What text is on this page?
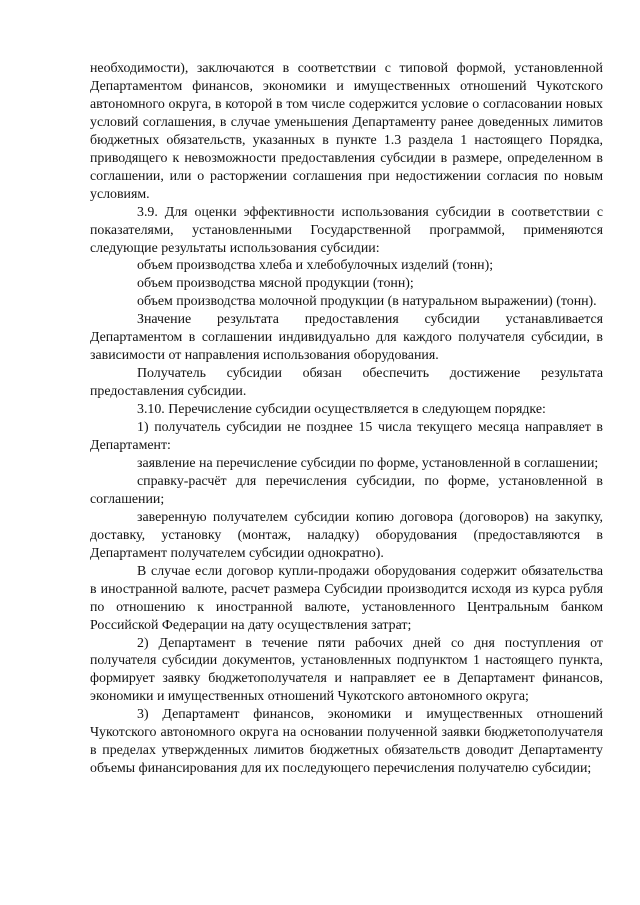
необходимости), заключаются в соответствии с типовой формой, установленной Департаментом финансов, экономики и имущественных отношений Чукотского автономного округа, в которой в том числе содержится условие о согласовании новых условий соглашения, в случае уменьшения Департаменту ранее доведенных лимитов бюджетных обязательств, указанных в пункте 1.3 раздела 1 настоящего Порядка, приводящего к невозможности предоставления субсидии в размере, определенном в соглашении, или о расторжении соглашения при недостижении согласия по новым условиям.

3.9. Для оценки эффективности использования субсидии в соответствии с показателями, установленными Государственной программой, применяются следующие результаты использования субсидии:

объем производства хлеба и хлебобулочных изделий (тонн);

объем производства мясной продукции (тонн);

объем производства молочной продукции (в натуральном выражении) (тонн).

Значение результата предоставления субсидии устанавливается Департаментом в соглашении индивидуально для каждого получателя субсидии, в зависимости от направления использования оборудования.

Получатель субсидии обязан обеспечить достижение результата предоставления субсидии.

3.10. Перечисление субсидии осуществляется в следующем порядке:

1) получатель субсидии не позднее 15 числа текущего месяца направляет в Департамент:

заявление на перечисление субсидии по форме, установленной в соглашении;

справку-расчёт для перечисления субсидии, по форме, установленной в соглашении;

заверенную получателем субсидии копию договора (договоров) на закупку, доставку, установку (монтаж, наладку) оборудования (предоставляются в Департамент получателем субсидии однократно).

В случае если договор купли-продажи оборудования содержит обязательства в иностранной валюте, расчет размера Субсидии производится исходя из курса рубля по отношению к иностранной валюте, установленного Центральным банком Российской Федерации на дату осуществления затрат;

2) Департамент в течение пяти рабочих дней со дня поступления от получателя субсидии документов, установленных подпунктом 1 настоящего пункта, формирует заявку бюджетополучателя и направляет ее в Департамент финансов, экономики и имущественных отношений Чукотского автономного округа;

3) Департамент финансов, экономики и имущественных отношений Чукотского автономного округа на основании полученной заявки бюджетополучателя в пределах утвержденных лимитов бюджетных обязательств доводит Департаменту объемы финансирования для их последующего перечисления получателю субсидии;
